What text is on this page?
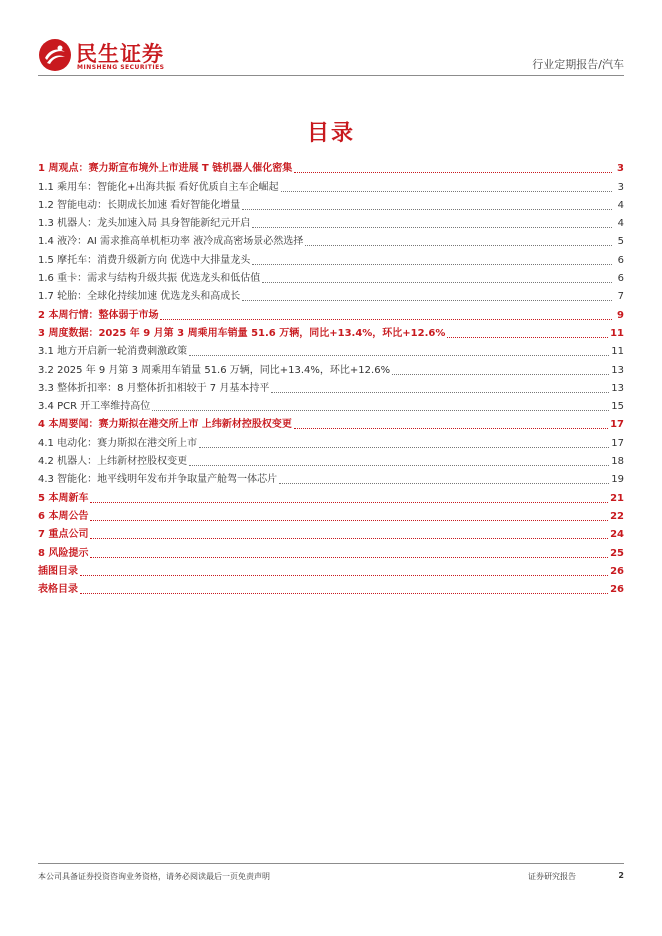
民生证券
MINSHENG SECURITIES	行业定期报告/汽车
目录
1 周观点：赛力斯宣布境外上市进展 T 链机器人催化密集	3
1.1 乘用车：智能化+出海共振 看好优质自主车企崛起	3
1.2 智能电动：长期成长加速 看好智能化增量	4
1.3 机器人：龙头加速入局 具身智能新纪元开启	4
1.4 液冷：AI 需求推高单机柜功率 液冷成高密场景必然选择	5
1.5 摩托车：消费升级新方向 优选中大排量龙头	6
1.6 重卡：需求与结构升级共振 优选龙头和低估值	6
1.7 轮胎：全球化持续加速 优选龙头和高成长	7
2 本周行情：整体弱于市场	9
3 周度数据：2025 年 9 月第 3 周乘用车销量 51.6 万辆，同比+13.4%，环比+12.6%	11
3.1 地方开启新一轮消费刺激政策	11
3.2 2025 年 9 月第 3 周乘用车销量 51.6 万辆，同比+13.4%，环比+12.6%	13
3.3 整体折扣率：8 月整体折扣相较于 7 月基本持平	13
3.4 PCR 开工率维持高位	15
4 本周要闻：赛力斯拟在港交所上市 上纬新材控股权变更	17
4.1 电动化：赛力斯拟在港交所上市	17
4.2 机器人：上纬新材控股权变更	18
4.3 智能化：地平线明年发布并争取量产舱驾一体芯片	19
5 本周新车	21
6 本周公告	22
7 重点公司	24
8 风险提示	25
插图目录	26
表格目录	26
本公司具备证券投资咨询业务资格，请务必阅读最后一页免责声明	证券研究报告	2
